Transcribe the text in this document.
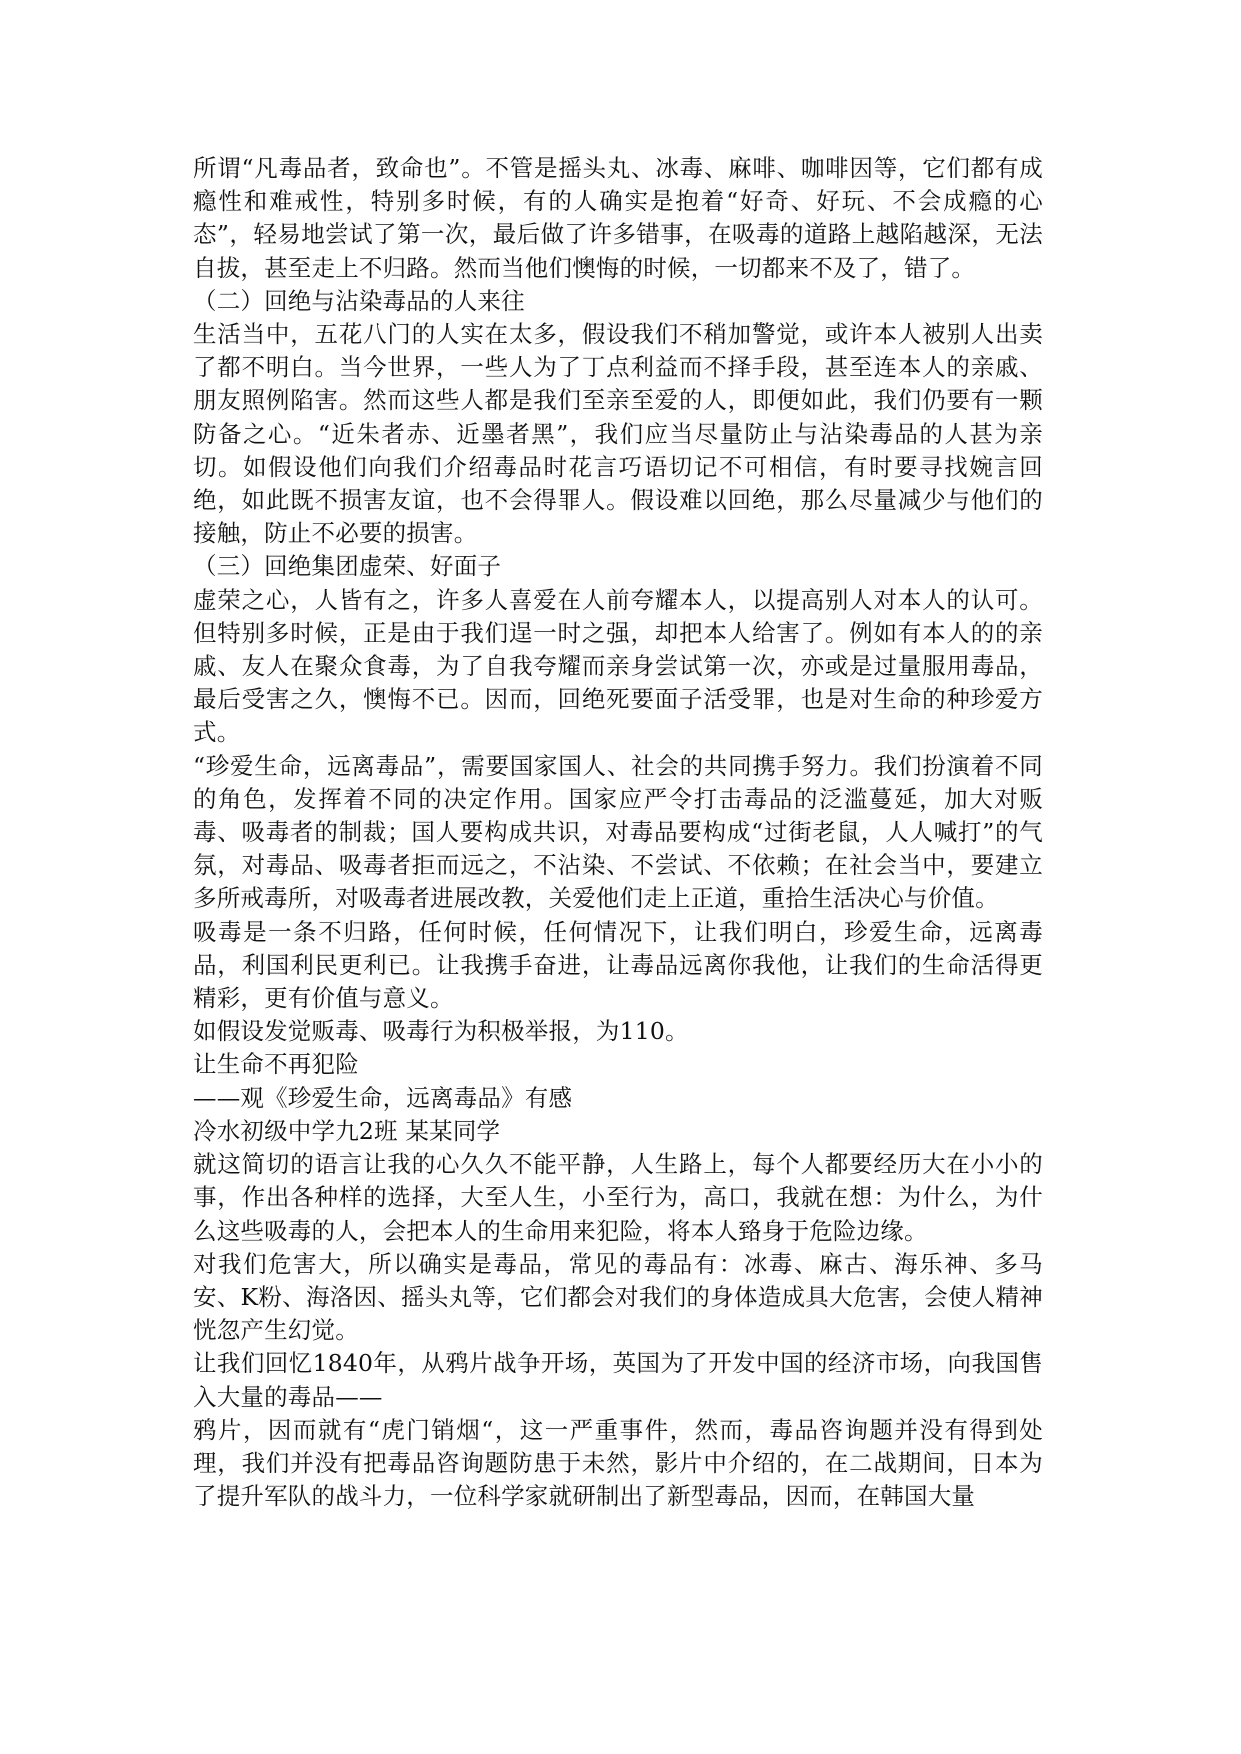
所谓“凡毒品者，致命也”。不管是摇头丸、冰毒、麻啡、咖啡因等，它们都有成瘾性和难戒性，特别多时候，有的人确实是抱着“好奇、好玩、不会成瘾的心态”，轻易地尝试了第一次，最后做了许多错事，在吸毒的道路上越陷越深，无法自拔，甚至走上不归路。然而当他们懊悔的时候，一切都来不及了，错了。

（二）回绝与沾染毒品的人来往

生活当中，五花八门的人实在太多，假设我们不稍加警觉，或许本人被别人出卖了都不明白。当今世界，一些人为了丁点利益而不择手段，甚至连本人的亲戚、朋友照例陷害。然而这些人都是我们至亲至爱的人，即便如此，我们仍要有一颗防备之心。“近朱者赤、近墨者黑”，我们应当尽量防止与沾染毒品的人甚为亲切。如假设他们向我们介绍毒品时花言巧语切记不可相信，有时要寻找婉言回绝，如此既不损害友谊，也不会得罪人。假设难以回绝，那么尽量减少与他们的接触，防止不必要的损害。

（三）回绝集团虚荣、好面子

虚荣之心，人皆有之，许多人喜爱在人前夸耀本人，以提高别人对本人的认可。但特别多时候，正是由于我们逞一时之强，却把本人给害了。例如有本人的的亲戚、友人在聚众食毒，为了自我夸耀而亲身尝试第一次，亦或是过量服用毒品，最后受害之久，懊悔不已。因而，回绝死要面子活受罪，也是对生命的种珍爱方式。

“珍爱生命，远离毒品”，需要国家国人、社会的共同携手努力。我们扮演着不同的角色，发挥着不同的决定作用。国家应严令打击毒品的泛滥蔓延，加大对贩毒、吸毒者的制裁；国人要构成共识，对毒品要构成“过街老鼠，人人喊打”的气氛，对毒品、吸毒者拒而远之，不沾染、不尝试、不依赖；在社会当中，要建立多所戒毒所，对吸毒者进展改教，关爱他们走上正道，重拾生活决心与价值。

吸毒是一条不归路，任何时候，任何情况下，让我们明白，珍爱生命，远离毒品，利国利民更利已。让我携手奋进，让毒品远离你我他，让我们的生命活得更精彩，更有价值与意义。

如假设发觉贩毒、吸毒行为积极举报，为110。

让生命不再犯险

——观《珍爱生命，远离毒品》有感

冷水初级中学九2班 某某同学

就这简切的语言让我的心久久不能平静，人生路上，每个人都要经历大在小小的事，作出各种样的选择，大至人生，小至行为，高口，我就在想：为什么，为什么这些吸毒的人，会把本人的生命用来犯险，将本人臵身于危险边缘。

对我们危害大，所以确实是毒品，常见的毒品有：冰毒、麻古、海乐神、多马安、K粉、海洛因、摇头丸等，它们都会对我们的身体造成具大危害，会使人精神恍忽产生幻觉。

让我们回忆1840年，从鸦片战争开场，英国为了开发中国的经济市场，向我国售入大量的毒品——

鸦片，因而就有“虎门销烟“，这一严重事件，然而，毒品咨询题并没有得到处理，我们并没有把毒品咨询题防患于未然，影片中介绍的，在二战期间，日本为了提升军队的战斗力，一位科学家就研制出了新型毒品，因而，在韩国大量
